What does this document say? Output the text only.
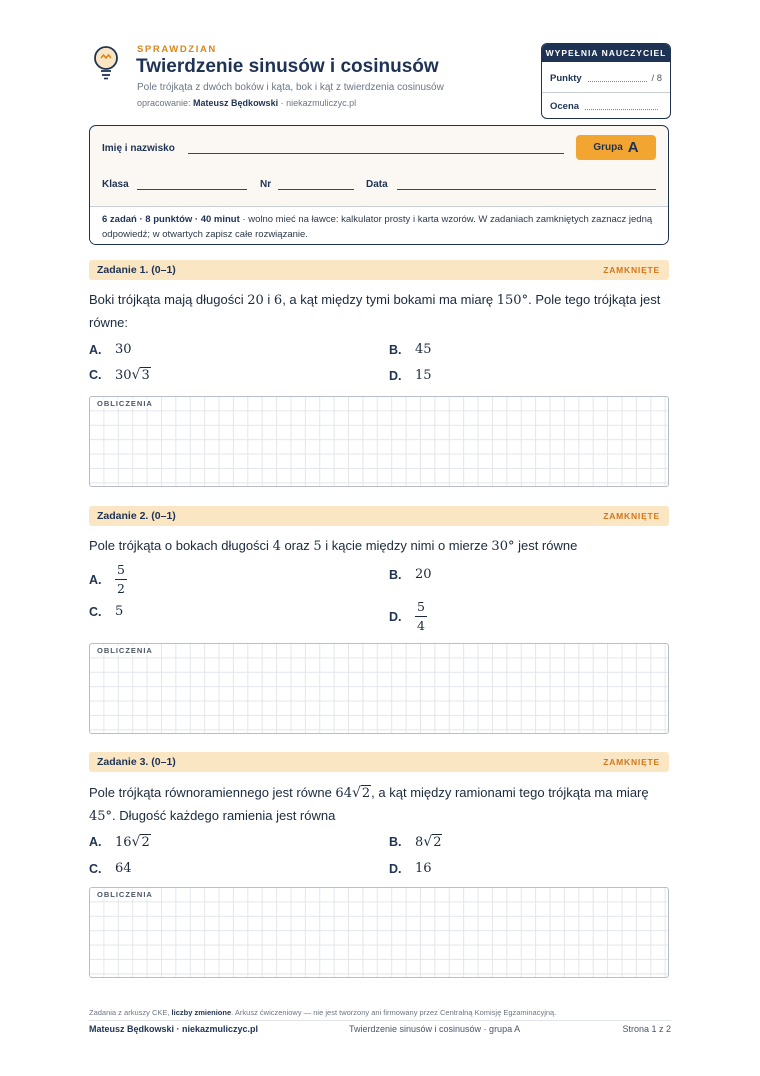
SPRAWDZIAN
Twierdzenie sinusów i cosinusów
Pole trójkąta z dwóch boków i kąta, bok i kąt z twierdzenia cosinusów
opracowanie: Mateusz Będkowski · niekazmuliczyc.pl
WYPEŁNIA NAUCZYCIEL
Punkty	/ 8
Ocena
Imię i nazwisko	Grupa A
Klasa	Nr	Data
6 zadań · 8 punktów · 40 minut · wolno mieć na ławce: kalkulator prosty i karta wzorów. W zadaniach zamkniętych zaznacz jedną odpowiedź; w otwartych zapisz całe rozwiązanie.
Zadanie 1. (0–1)	ZAMKNIĘTE
Boki trójkąta mają długości 20 i 6, a kąt między tymi bokami ma miarę 150°. Pole tego trójkąta jest równe:
A.	30	B.	45
C.	30 √ 3	D.	15
OBLICZENIA
Zadanie 2. (0–1)	ZAMKNIĘTE
Pole trójkąta o bokach długości 4 oraz 5 i kącie między nimi o mierze 30° jest równe
A.	$\frac{5}{2}$	B.	20
C.	5	D.	$\frac{5}{4}$
OBLICZENIA
Zadanie 3. (0–1)	ZAMKNIĘTE
Pole trójkąta równoramiennego jest równe 64 √ 2 , a kąt między ramionami tego trójkąta ma miarę 45°. Długość każdego ramienia jest równa
A.	16 √ 2	B.	8 √ 2
C.	64	D.	16
OBLICZENIA
Zadania z arkuszy CKE, liczby zmienione. Arkusz ćwiczeniowy — nie jest tworzony ani firmowany przez Centralną Komisję Egzaminacyjną.
Mateusz Będkowski · niekazmuliczyc.pl	Twierdzenie sinusów i cosinusów · grupa A	Strona 1 z 2
